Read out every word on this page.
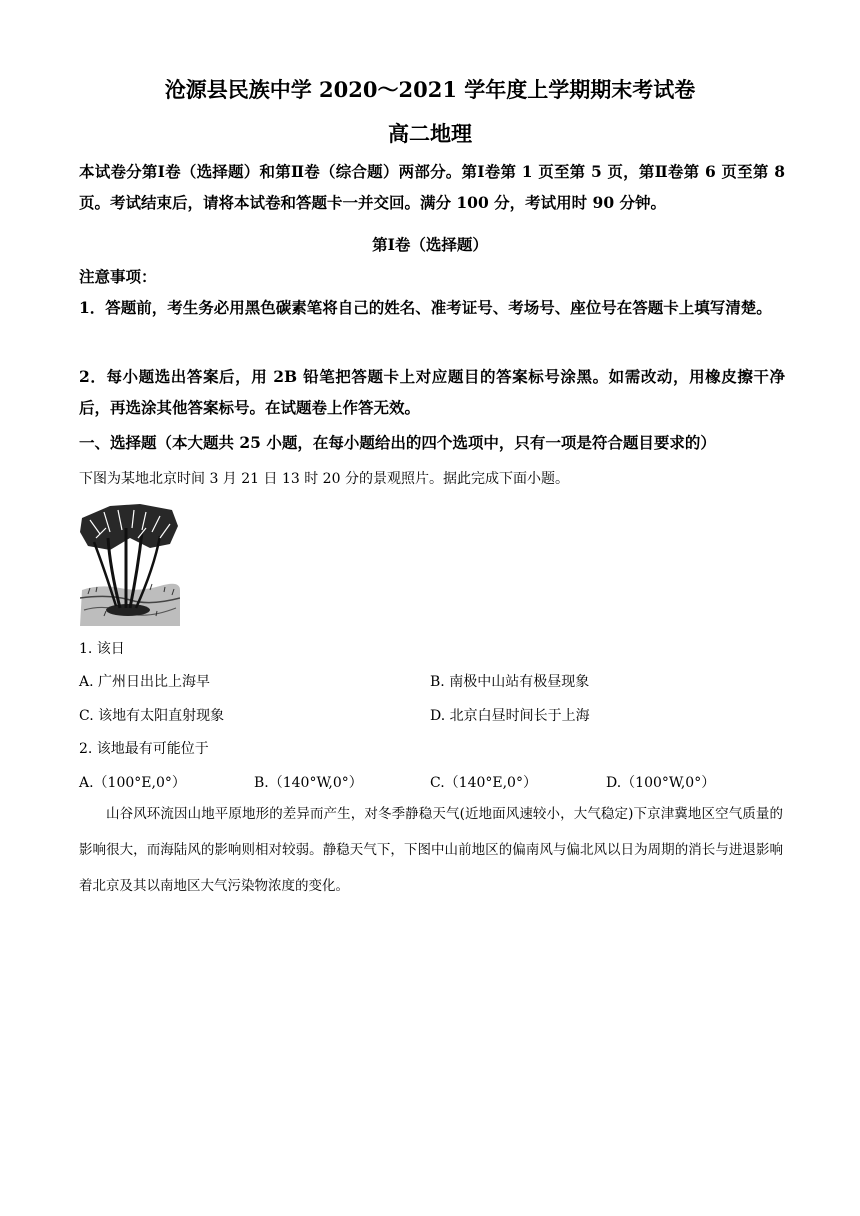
沧源县民族中学 2020～2021 学年度上学期期末考试卷
高二地理
本试卷分第Ⅰ卷（选择题）和第Ⅱ卷（综合题）两部分。第Ⅰ卷第 1 页至第 5 页，第Ⅱ卷第 6 页至第 8 页。考试结束后，请将本试卷和答题卡一并交回。满分 100 分，考试用时 90 分钟。
第Ⅰ卷（选择题）
注意事项：
1．答题前，考生务必用黑色碳素笔将自己的姓名、准考证号、考场号、座位号在答题卡上填写清楚。
2．每小题选出答案后，用 2B 铅笔把答题卡上对应题目的答案标号涂黑。如需改动，用橡皮擦干净后，再选涂其他答案标号。在试题卷上作答无效。
一、选择题（本大题共 25 小题，在每小题给出的四个选项中，只有一项是符合题目要求的）
下图为某地北京时间 3 月 21 日 13 时 20 分的景观照片。据此完成下面小题。
1. 该日
A. 广州日出比上海早	B. 南极中山站有极昼现象
C. 该地有太阳直射现象	D. 北京白昼时间长于上海
2. 该地最有可能位于
A.（100°E,0°）	B.（140°W,0°）	C.（140°E,0°）	D.（100°W,0°）
山谷风环流因山地平原地形的差异而产生，对冬季静稳天气(近地面风速较小，大气稳定)下京津冀地区空气质量的影响很大，而海陆风的影响则相对较弱。静稳天气下，下图中山前地区的偏南风与偏北风以日为周期的消长与进退影响着北京及其以南地区大气污染物浓度的变化。
